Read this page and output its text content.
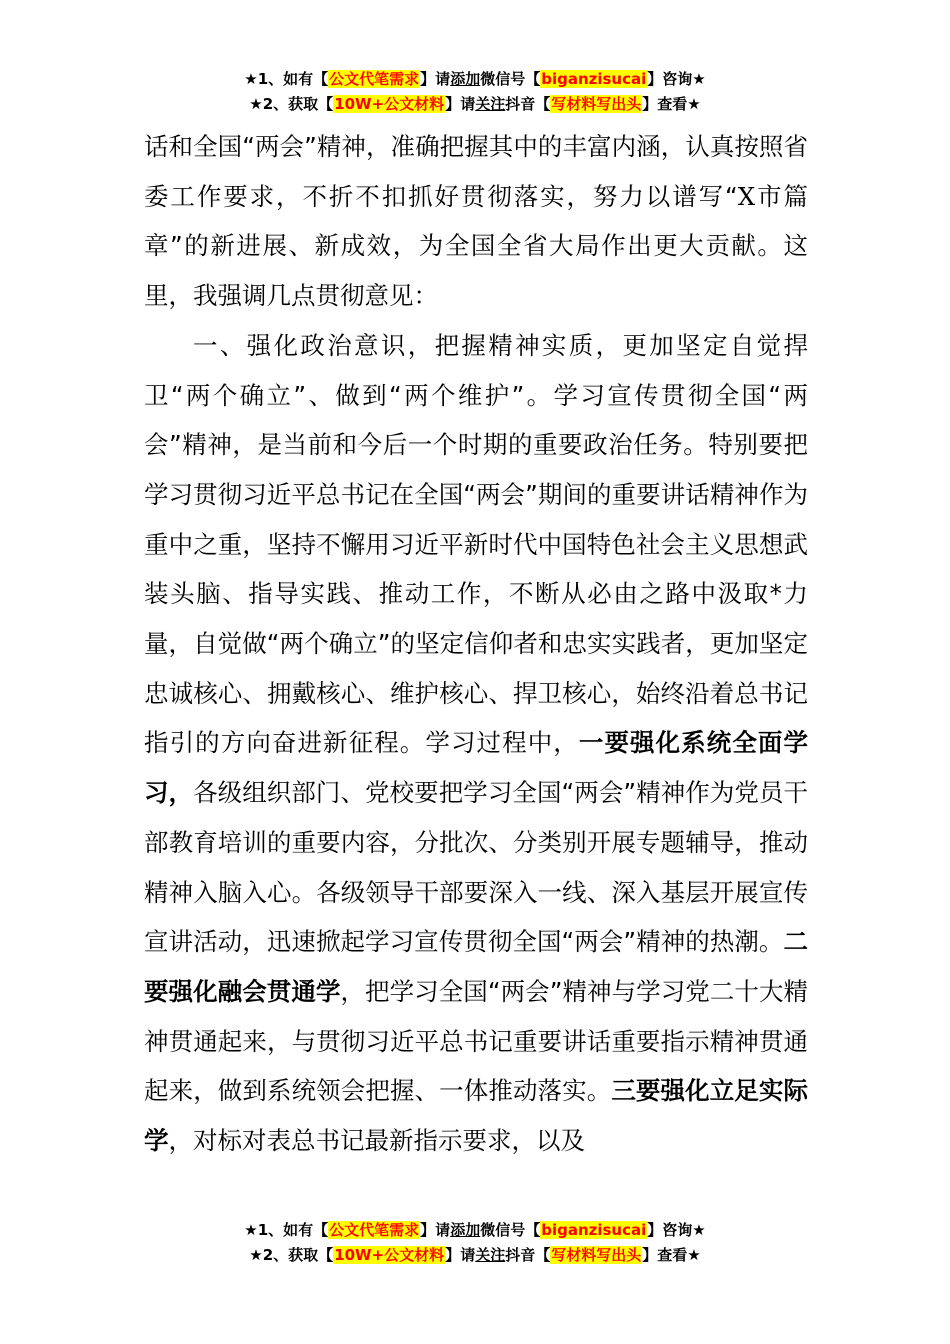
★1、如有【公文代笔需求】请添加微信号【biganzisucai】咨询★
★2、获取【10W+公文材料】请关注抖音【写材料写出头】查看★

话和全国“两会”精神，准确把握其中的丰富内涵，认真按照省委工作要求，不折不扣抓好贯彻落实，努力以谱写“X市篇章”的新进展、新成效，为全国全省大局作出更大贡献。这里，我强调几点贯彻意见：

一、强化政治意识，把握精神实质，更加坚定自觉捍卫“两个确立”、做到“两个维护”。学习宣传贯彻全国“两会”精神，是当前和今后一个时期的重要政治任务。特别要把学习贯彻习近平总书记在全国“两会”期间的重要讲话精神作为重中之重，坚持不懈用习近平新时代中国特色社会主义思想武装头脑、指导实践、推动工作，不断从必由之路中汲取*力量，自觉做“两个确立”的坚定信仰者和忠实实践者，更加坚定忠诚核心、拥戴核心、维护核心、捍卫核心，始终沿着总书记指引的方向奋进新征程。学习过程中，一要强化系统全面学习，各级组织部门、党校要把学习全国“两会”精神作为党员干部教育培训的重要内容，分批次、分类别开展专题辅导，推动精神入脑入心。各级领导干部要深入一线、深入基层开展宣传宣讲活动，迅速掀起学习宣传贯彻全国“两会”精神的热潮。二要强化融会贯通学，把学习全国“两会”精神与学习党二十大精神贯通起来，与贯彻习近平总书记重要讲话重要指示精神贯通起来，做到系统领会把握、一体推动落实。三要强化立足实际学，对标对表总书记最新指示要求，以及

★1、如有【公文代笔需求】请添加微信号【biganzisucai】咨询★
★2、获取【10W+公文材料】请关注抖音【写材料写出头】查看★
